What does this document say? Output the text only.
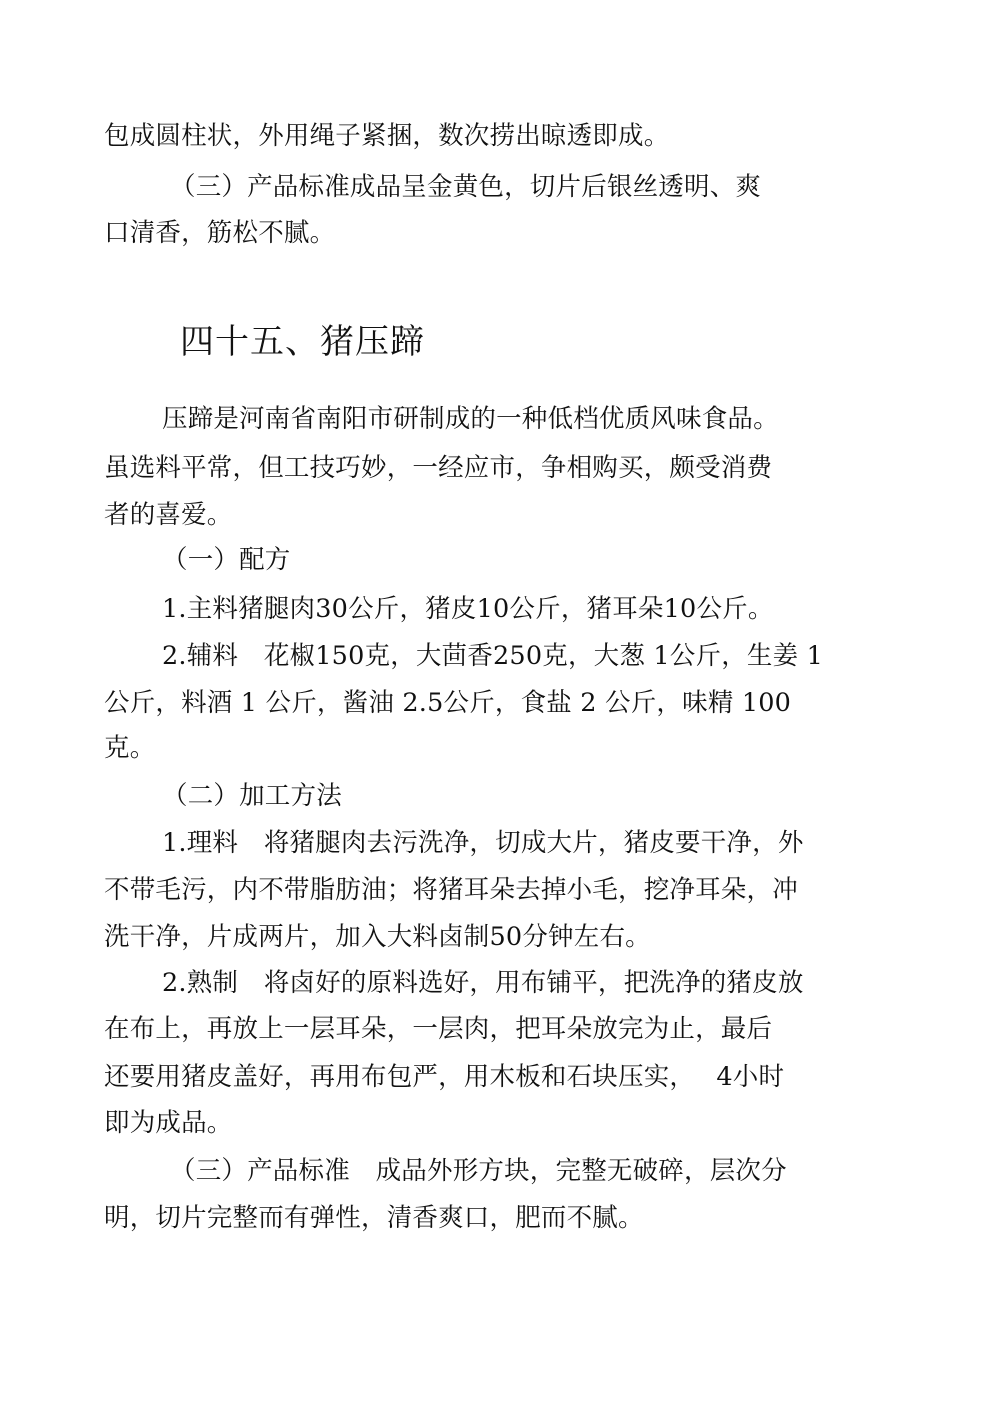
包成圆柱状，外用绳子紧捆，数次捞出晾透即成。
（三）产品标准成品呈金黄色，切片后银丝透明、爽
口清香，筋松不腻。
四十五、猪压蹄
压蹄是河南省南阳市研制成的一种低档优质风味食品。
虽选料平常，但工技巧妙，一经应市，争相购买，颇受消费
者的喜爱。
（一）配方
1.主料猪腿肉30公斤，猪皮10公斤，猪耳朵10公斤。
2.辅料　花椒150克，大茴香250克，大葱 1公斤，生姜 1
公斤，料酒 1 公斤，酱油 2.5公斤，食盐 2 公斤，味精 100
克。
（二）加工方法
1.理料　将猪腿肉去污洗净，切成大片，猪皮要干净，外
不带毛污，内不带脂肪油；将猪耳朵去掉小毛，挖净耳朵，冲
洗干净，片成两片，加入大料卤制50分钟左右。
2.熟制　将卤好的原料选好，用布铺平，把洗净的猪皮放
在布上，再放上一层耳朵，一层肉，把耳朵放完为止，最后
还要用猪皮盖好，再用布包严，用木板和石块压实，　 4小时
即为成品。
（三）产品标准　成品外形方块，完整无破碎，层次分
明，切片完整而有弹性，清香爽口，肥而不腻。
